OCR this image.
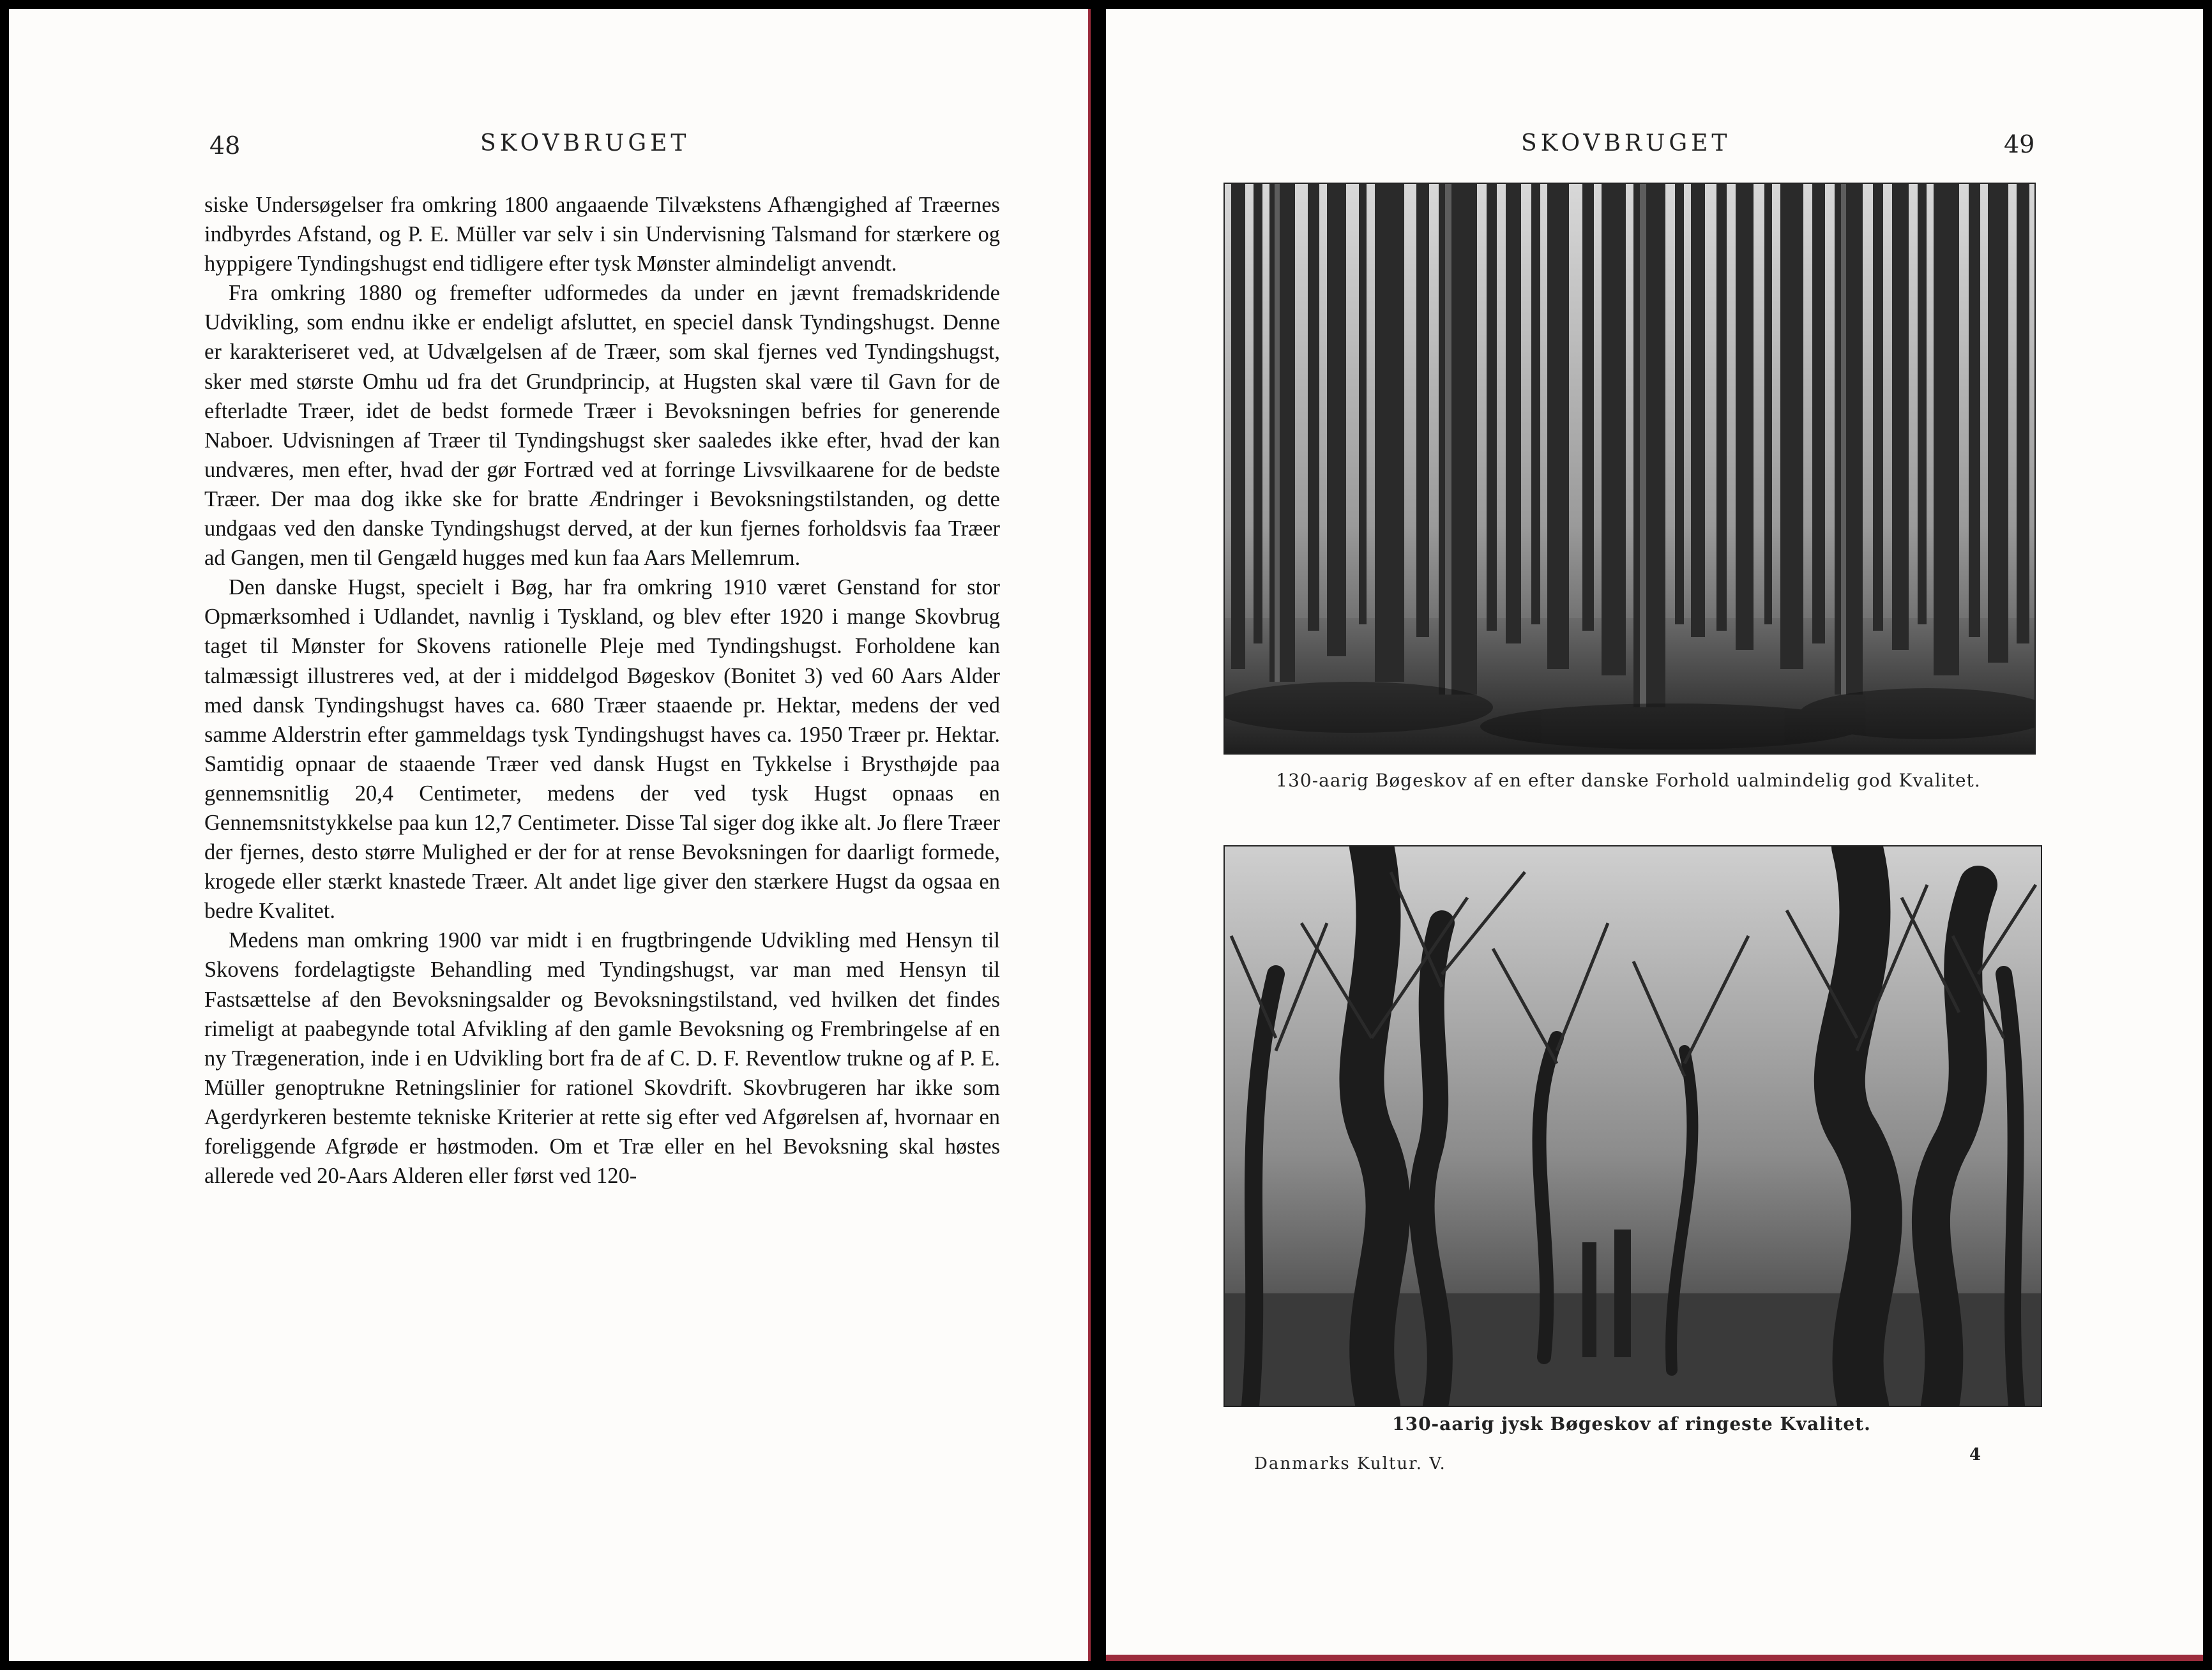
48	SKOVBRUGET

siske Undersøgelser fra omkring 1800 angaaende Tilvækstens Afhængighed af Træernes indbyrdes Afstand, og P. E. Müller var selv i sin Undervisning Talsmand for stærkere og hyppigere Tyndingshugst end tidligere efter tysk Mønster almindeligt anvendt.

Fra omkring 1880 og fremefter udformedes da under en jævnt fremadskridende Udvikling, som endnu ikke er endeligt afsluttet, en speciel dansk Tyndingshugst. Denne er karakteriseret ved, at Udvælgelsen af de Træer, som skal fjernes ved Tyndingshugst, sker med største Omhu ud fra det Grundprincip, at Hugsten skal være til Gavn for de efterladte Træer, idet de bedst formede Træer i Bevoksningen befries for generende Naboer. Udvisningen af Træer til Tyndingshugst sker saaledes ikke efter, hvad der kan undværes, men efter, hvad der gør Fortræd ved at forringe Livsvilkaarene for de bedste Træer. Der maa dog ikke ske for bratte Ændringer i Bevoksningstilstanden, og dette undgaas ved den danske Tyndingshugst derved, at der kun fjernes forholdsvis faa Træer ad Gangen, men til Gengæld hugges med kun faa Aars Mellemrum.

Den danske Hugst, specielt i Bøg, har fra omkring 1910 været Genstand for stor Opmærksomhed i Udlandet, navnlig i Tyskland, og blev efter 1920 i mange Skovbrug taget til Mønster for Skovens rationelle Pleje med Tyndingshugst. Forholdene kan talmæssigt illustreres ved, at der i middelgod Bøgeskov (Bonitet 3) ved 60 Aars Alder med dansk Tyndingshugst haves ca. 680 Træer staaende pr. Hektar, medens der ved samme Alderstrin efter gammeldags tysk Tyndingshugst haves ca. 1950 Træer pr. Hektar. Samtidig opnaar de staaende Træer ved dansk Hugst en Tykkelse i Brysthøjde paa gennemsnitlig 20,4 Centimeter, medens der ved tysk Hugst opnaas en Gennemsnitstykkelse paa kun 12,7 Centimeter. Disse Tal siger dog ikke alt. Jo flere Træer der fjernes, desto større Mulighed er der for at rense Bevoksningen for daarligt formede, krogede eller stærkt knastede Træer. Alt andet lige giver den stærkere Hugst da ogsaa en bedre Kvalitet.

Medens man omkring 1900 var midt i en frugtbringende Udvikling med Hensyn til Skovens fordelagtigste Behandling med Tyndingshugst, var man med Hensyn til Fastsættelse af den Bevoksningsalder og Bevoksningstilstand, ved hvilken det findes rimeligt at paabegynde total Afvikling af den gamle Bevoksning og Frembringelse af en ny Trægeneration, inde i en Udvikling bort fra de af C. D. F. Reventlow trukne og af P. E. Müller genoptrukne Retningslinier for rationel Skovdrift. Skovbrugeren har ikke som Agerdyrkeren bestemte tekniske Kriterier at rette sig efter ved Afgørelsen af, hvornaar en foreliggende Afgrøde er høstmoden. Om et Træ eller en hel Bevoksning skal høstes allerede ved 20-Aars Alderen eller først ved 120-

SKOVBRUGET	49
130-aarig Bøgeskov af en efter danske Forhold ualmindelig god Kvalitet.
130-aarig jysk Bøgeskov af ringeste Kvalitet.
Danmarks Kultur. V.	4
